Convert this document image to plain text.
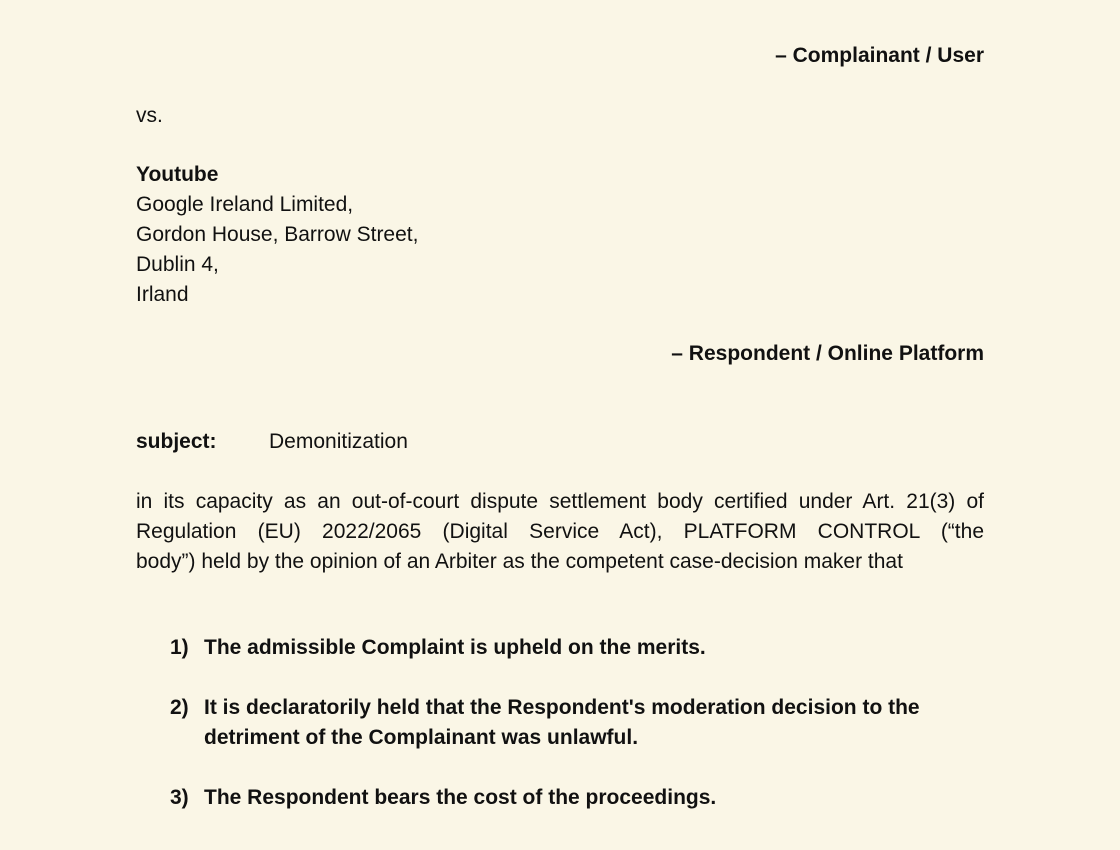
– Complainant / User
vs.
Youtube
Google Ireland Limited,
Gordon House, Barrow Street,
Dublin 4,
Irland
– Respondent / Online Platform
subject: Demonitization
in its capacity as an out-of-court dispute settlement body certified under Art. 21(3) of
Regulation (EU) 2022/2065 (Digital Service Act), PLATFORM CONTROL (“the
body”) held by the opinion of an Arbiter as the competent case-decision maker that
1) The admissible Complaint is upheld on the merits.
2) It is declaratorily held that the Respondent's moderation decision to the detriment of the Complainant was unlawful.
3) The Respondent bears the cost of the proceedings.
